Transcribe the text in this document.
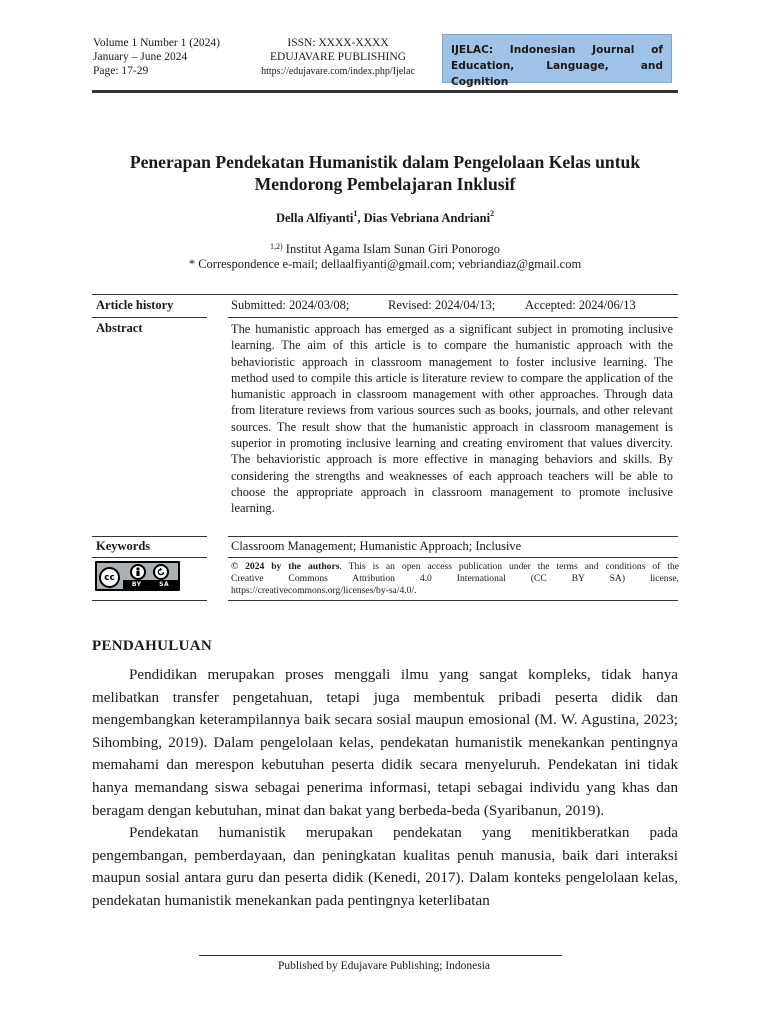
Volume 1 Number 1 (2024)
January – June 2024
Page: 17-29
ISSN: XXXX-XXXX
EDUJAVARE PUBLISHING
https://edujavare.com/index.php/Ijelac
IJELAC: Indonesian Journal of
Education, Language, and Cognition
Penerapan Pendekatan Humanistik dalam Pengelolaan Kelas untuk
Mendorong Pembelajaran Inklusif
Della Alfiyanti$^1$, Dias Vebriana Andriani$^2$
$^{1,2)}$ Institut Agama Islam Sunan Giri Ponorogo
* Correspondence e-mail; dellaalfiyanti@gmail.com; vebriandiaz@gmail.com
Article history	Submitted: 2024/03/08;	Revised: 2024/04/13; Accepted: 2024/06/13
Abstract	The humanistic approach has emerged as a significant subject in promoting inclusive learning. The aim of this article is to compare the humanistic approach with the behavioristic approach in classroom management to foster inclusive learning. The method used to compile this article is literature review to compare the application of the humanistic approach in classroom management with other approaches. Through data from literature reviews from various sources such as books, journals, and other relevant sources. The result show that the humanistic approach in classroom management is superior in promoting inclusive learning and creating enviroment that values divercity. The behavioristic approach is more effective in managing behaviors and skills. By considering the strengths and weaknesses of each approach teachers will be able to choose the appropriate approach in classroom management to promote inclusive learning.
Keywords	Classroom Management; Humanistic Approach; Inclusive
cc
BY	SA
© 2024 by the authors. This is an open access publication under the terms and conditions of the
Creative Commons Attribution 4.0 International (CC BY SA) license,
https://creativecommons.org/licenses/by-sa/4.0/.
PENDAHULUAN

Pendidikan merupakan proses menggali ilmu yang sangat kompleks, tidak hanya melibatkan transfer pengetahuan, tetapi juga membentuk pribadi peserta didik dan mengembangkan keterampilannya baik secara sosial maupun emosional (M. W. Agustina, 2023; Sihombing, 2019). Dalam pengelolaan kelas, pendekatan humanistik menekankan pentingnya memahami dan merespon kebutuhan peserta didik secara menyeluruh. Pendekatan ini tidak hanya memandang siswa sebagai penerima informasi, tetapi sebagai individu yang khas dan beragam dengan kebutuhan, minat dan bakat yang berbeda-beda (Syaribanun, 2019).

Pendekatan humanistik merupakan pendekatan yang menitikberatkan pada pengembangan, pemberdayaan, dan peningkatan kualitas penuh manusia, baik dari interaksi maupun sosial antara guru dan peserta didik (Kenedi, 2017). Dalam konteks pengelolaan kelas, pendekatan humanistik menekankan pada pentingnya keterlibatan

Published by Edujavare Publishing; Indonesia
